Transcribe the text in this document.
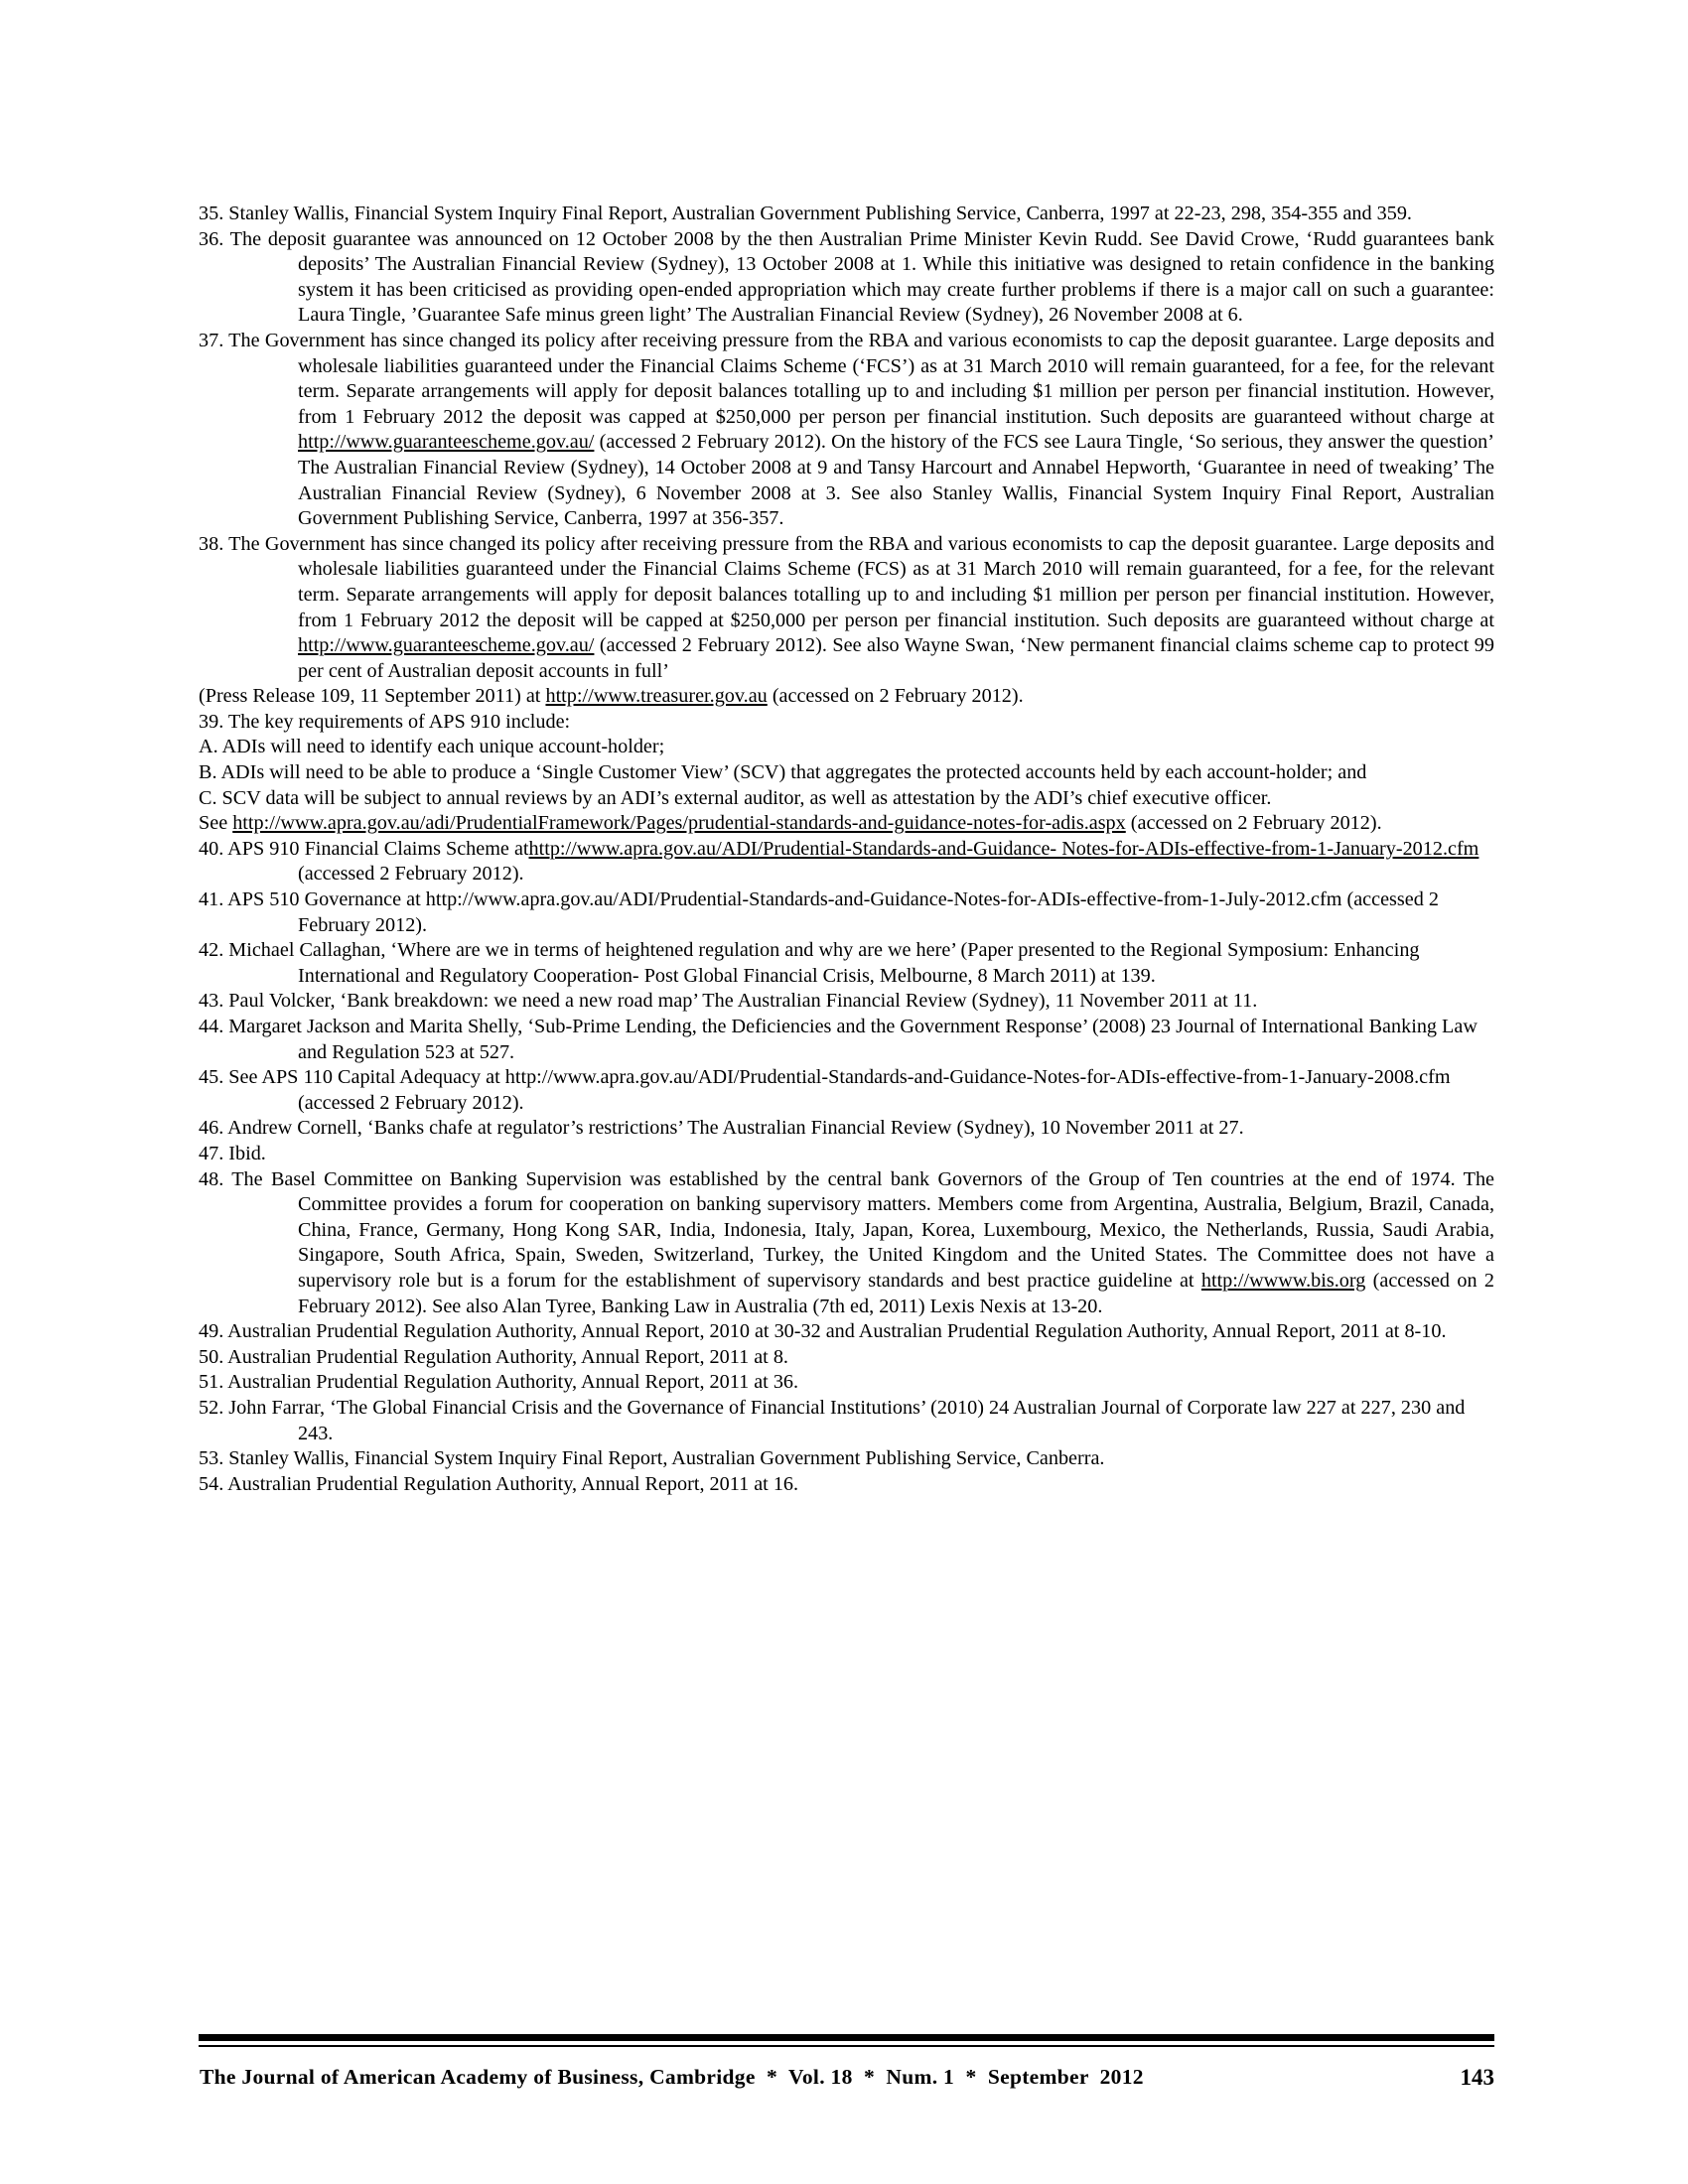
35. Stanley Wallis, Financial System Inquiry Final Report, Australian Government Publishing Service, Canberra, 1997 at 22-23, 298, 354-355 and 359.

36. The deposit guarantee was announced on 12 October 2008 by the then Australian Prime Minister Kevin Rudd. See David Crowe, ‘Rudd guarantees bank deposits’ The Australian Financial Review (Sydney), 13 October 2008 at 1. While this initiative was designed to retain confidence in the banking system it has been criticised as providing open-ended appropriation which may create further problems if there is a major call on such a guarantee: Laura Tingle, ’Guarantee Safe minus green light’ The Australian Financial Review (Sydney), 26 November 2008 at 6.

37. The Government has since changed its policy after receiving pressure from the RBA and various economists to cap the deposit guarantee. Large deposits and wholesale liabilities guaranteed under the Financial Claims Scheme (‘FCS’) as at 31 March 2010 will remain guaranteed, for a fee, for the relevant term. Separate arrangements will apply for deposit balances totalling up to and including $1 million per person per financial institution. However, from 1 February 2012 the deposit was capped at $250,000 per person per financial institution. Such deposits are guaranteed without charge at http://www.guaranteescheme.gov.au/ (accessed 2 February 2012). On the history of the FCS see Laura Tingle, ‘So serious, they answer the question’ The Australian Financial Review (Sydney), 14 October 2008 at 9 and Tansy Harcourt and Annabel Hepworth, ‘Guarantee in need of tweaking’ The Australian Financial Review (Sydney), 6 November 2008 at 3. See also Stanley Wallis, Financial System Inquiry Final Report, Australian Government Publishing Service, Canberra, 1997 at 356-357.

38. The Government has since changed its policy after receiving pressure from the RBA and various economists to cap the deposit guarantee. Large deposits and wholesale liabilities guaranteed under the Financial Claims Scheme (FCS) as at 31 March 2010 will remain guaranteed, for a fee, for the relevant term. Separate arrangements will apply for deposit balances totalling up to and including $1 million per person per financial institution. However, from 1 February 2012 the deposit will be capped at $250,000 per person per financial institution. Such deposits are guaranteed without charge at http://www.guaranteescheme.gov.au/ (accessed 2 February 2012). See also Wayne Swan, ‘New permanent financial claims scheme cap to protect 99 per cent of Australian deposit accounts in full’

(Press Release 109, 11 September 2011) at http://www.treasurer.gov.au (accessed on 2 February 2012).

39. The key requirements of APS 910 include:

A. ADIs will need to identify each unique account-holder;

B. ADIs will need to be able to produce a ‘Single Customer View’ (SCV) that aggregates the protected accounts held by each account-holder; and

C. SCV data will be subject to annual reviews by an ADI’s external auditor, as well as attestation by the ADI’s chief executive officer.

See http://www.apra.gov.au/adi/PrudentialFramework/Pages/prudential-standards-and-guidance-notes-for-adis.aspx (accessed on 2 February 2012).

40. APS 910 Financial Claims Scheme athttp://www.apra.gov.au/ADI/Prudential-Standards-and-Guidance- Notes-for-ADIs-effective-from-1-January-2012.cfm (accessed 2 February 2012).

41. APS 510 Governance at http://www.apra.gov.au/ADI/Prudential-Standards-and-Guidance-Notes-for-ADIs-effective-from-1-July-2012.cfm (accessed 2 February 2012).

42. Michael Callaghan, ‘Where are we in terms of heightened regulation and why are we here’ (Paper presented to the Regional Symposium: Enhancing International and Regulatory Cooperation- Post Global Financial Crisis, Melbourne, 8 March 2011) at 139.

43. Paul Volcker, ‘Bank breakdown: we need a new road map’ The Australian Financial Review (Sydney), 11 November 2011 at 11.

44. Margaret Jackson and Marita Shelly, ‘Sub-Prime Lending, the Deficiencies and the Government Response’ (2008) 23 Journal of International Banking Law and Regulation 523 at 527.

45. See APS 110 Capital Adequacy at http://www.apra.gov.au/ADI/Prudential-Standards-and-Guidance-Notes-for-ADIs-effective-from-1-January-2008.cfm (accessed 2 February 2012).

46. Andrew Cornell, ‘Banks chafe at regulator’s restrictions’ The Australian Financial Review (Sydney), 10 November 2011 at 27.

47. Ibid.

48. The Basel Committee on Banking Supervision was established by the central bank Governors of the Group of Ten countries at the end of 1974. The Committee provides a forum for cooperation on banking supervisory matters. Members come from Argentina, Australia, Belgium, Brazil, Canada, China, France, Germany, Hong Kong SAR, India, Indonesia, Italy, Japan, Korea, Luxembourg, Mexico, the Netherlands, Russia, Saudi Arabia, Singapore, South Africa, Spain, Sweden, Switzerland, Turkey, the United Kingdom and the United States. The Committee does not have a supervisory role but is a forum for the establishment of supervisory standards and best practice guideline at http://wwww.bis.org (accessed on 2 February 2012). See also Alan Tyree, Banking Law in Australia (7th ed, 2011) Lexis Nexis at 13-20.

49. Australian Prudential Regulation Authority, Annual Report, 2010 at 30-32 and Australian Prudential Regulation Authority, Annual Report, 2011 at 8-10.

50. Australian Prudential Regulation Authority, Annual Report, 2011 at 8.

51. Australian Prudential Regulation Authority, Annual Report, 2011 at 36.

52. John Farrar, ‘The Global Financial Crisis and the Governance of Financial Institutions’ (2010) 24 Australian Journal of Corporate law 227 at 227, 230 and 243.

53. Stanley Wallis, Financial System Inquiry Final Report, Australian Government Publishing Service, Canberra.

54. Australian Prudential Regulation Authority, Annual Report, 2011 at 16.

The Journal of American Academy of Business, Cambridge  *  Vol. 18  *  Num. 1  *  September  2012	143
